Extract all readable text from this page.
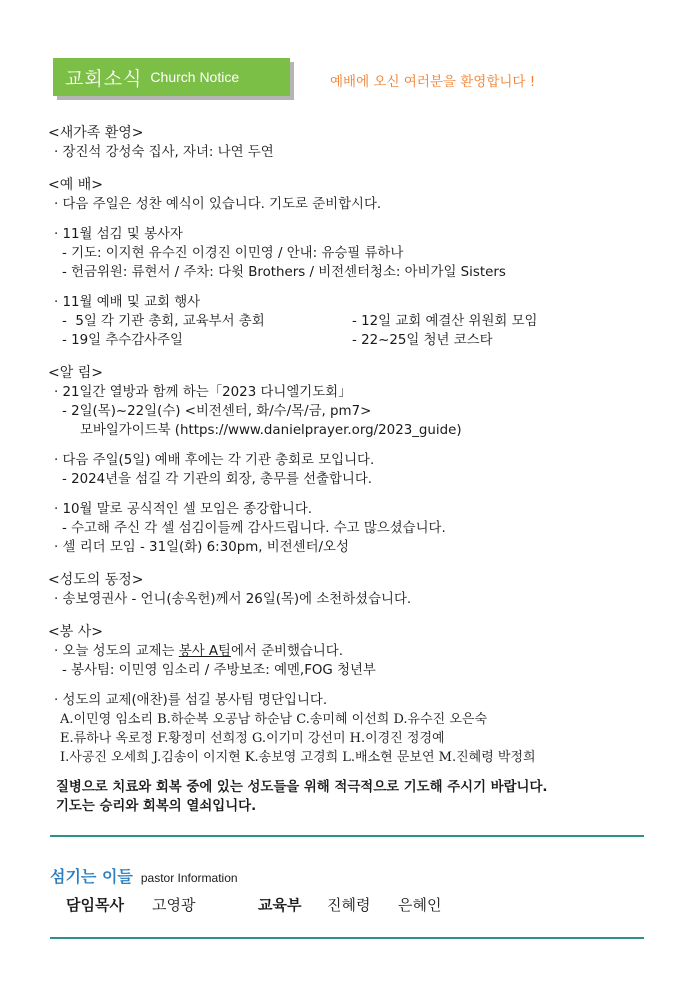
교회소식 Church Notice	예배에 오신 여러분을 환영합니다 !
<새가족 환영>
· 장진석 강성숙 집사, 자녀: 나연 두연
<예 배>
· 다음 주일은 성찬 예식이 있습니다. 기도로 준비합시다.
· 11월 섬김 및 봉사자
- 기도: 이지현 유수진 이경진 이민영 / 안내: 유승필 류하나
- 헌금위원: 류현서 / 주차: 다윗 Brothers / 비전센터청소: 아비가일 Sisters
· 11월 예배 및 교회 행사
-  5일 각 기관 총회, 교육부서 총회	- 12일 교회 예결산 위원회 모임
- 19일 추수감사주일	- 22~25일 청년 코스타
<알 림>
· 21일간 열방과 함께 하는「2023 다니엘기도회」
- 2일(목)~22일(수) <비전센터, 화/수/목/금, pm7>
모바일가이드북 (https://www.danielprayer.org/2023_guide)
· 다음 주일(5일) 예배 후에는 각 기관 총회로 모입니다.
- 2024년을 섬길 각 기관의 회장, 총무를 선출합니다.
· 10월 말로 공식적인 셀 모임은 종강합니다.
- 수고해 주신 각 셀 섬김이들께 감사드립니다. 수고 많으셨습니다.
· 셀 리더 모임 - 31일(화) 6:30pm, 비전센터/오성
<성도의 동정>
· 송보영권사 - 언니(송옥헌)께서 26일(목)에 소천하셨습니다.
<봉 사>
· 오늘 성도의 교제는 봉사 A팀에서 준비했습니다.
- 봉사팀: 이민영 임소리 / 주방보조: 예멘,FOG 청년부
· 성도의 교제(애찬)를 섬길 봉사팀 명단입니다.
A.이민영 임소리 B.하순복 오공남 하순남 C.송미혜 이선희 D.유수진 오은숙
E.류하나 옥로정 F.황정미 선희정 G.이기미 강선미 H.이경진 정경예
I.사공진 오세희 J.김송이 이지현 K.송보영 고경희 L.배소현 문보연 M.진혜령 박정희
질병으로 치료와 회복 중에 있는 성도들을 위해 적극적으로 기도해 주시기 바랍니다.
기도는 승리와 회복의 열쇠입니다.
섬기는 이들 pastor Information
담임목사 고영광	교육부 진혜령 은혜인
